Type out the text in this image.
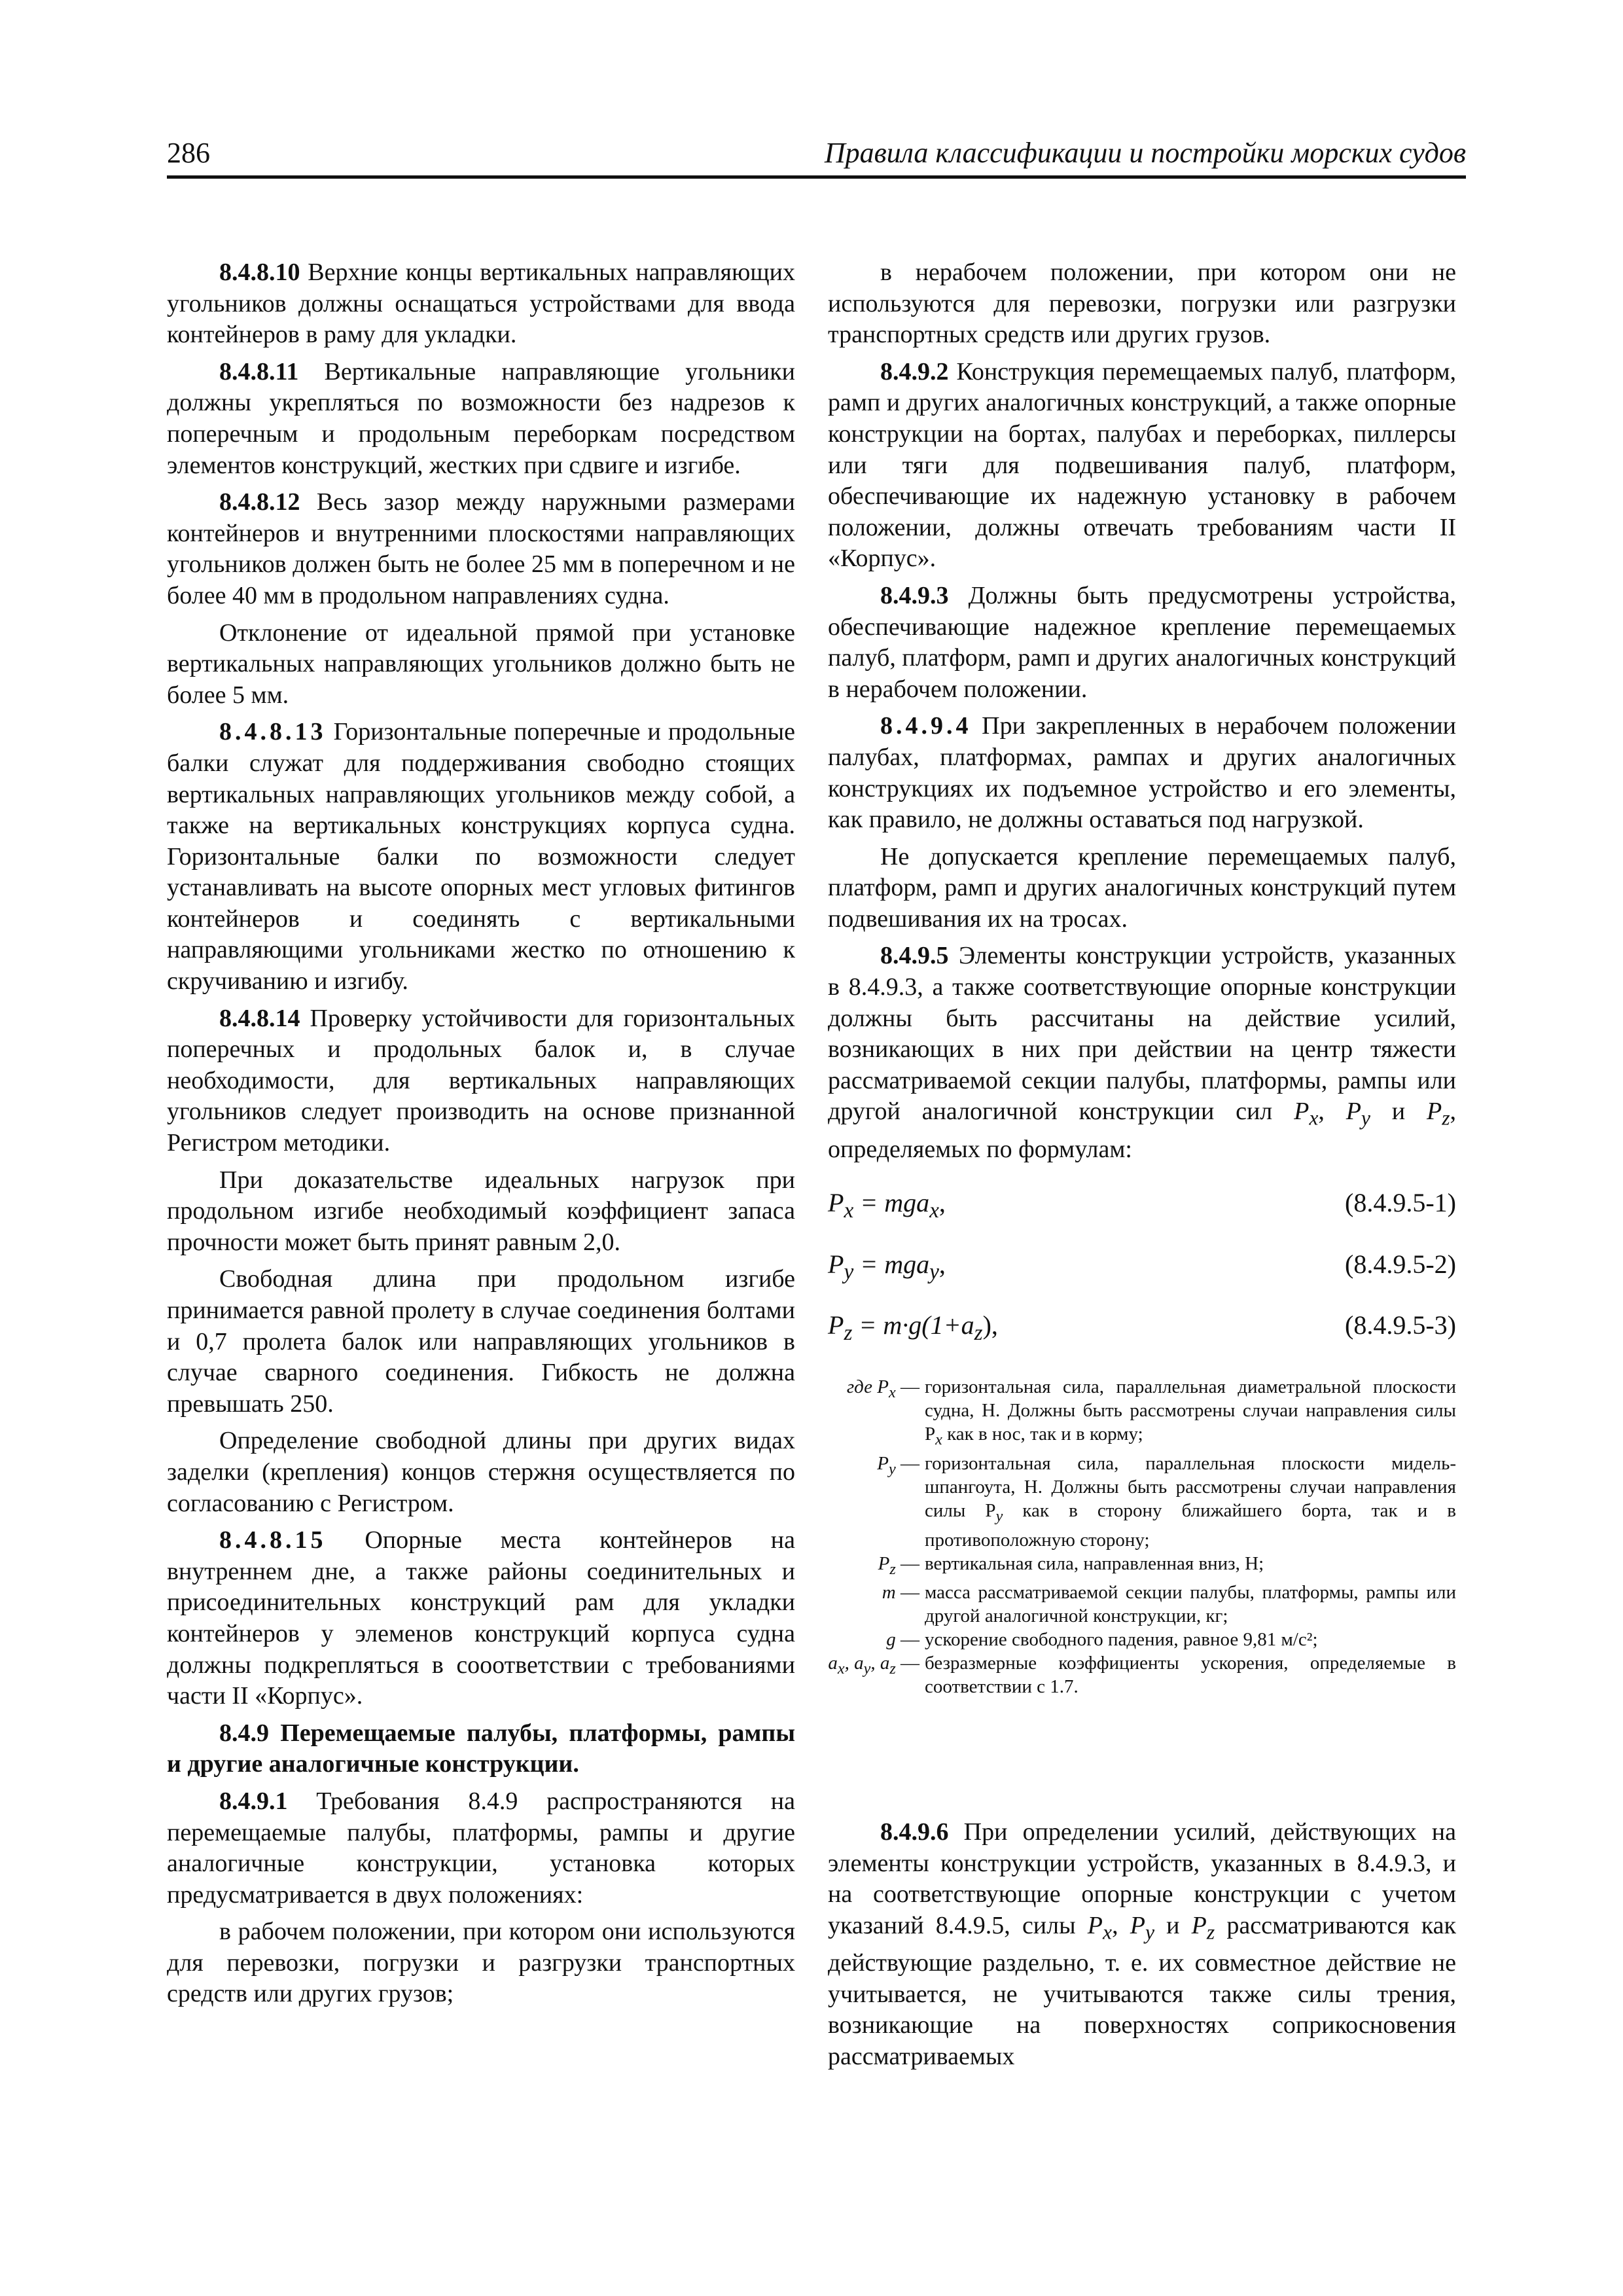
286	Правила классификации и постройки морских судов

8.4.8.10 Верхние концы вертикальных направляющих угольников должны оснащаться устройствами для ввода контейнеров в раму для укладки.

8.4.8.11 Вертикальные направляющие угольники должны укрепляться по возможности без надрезов к поперечным и продольным переборкам посредством элементов конструкций, жестких при сдвиге и изгибе.

8.4.8.12 Весь зазор между наружными размерами контейнеров и внутренними плоскостями направляющих угольников должен быть не более 25 мм в поперечном и не более 40 мм в продольном направлениях судна.

Отклонение от идеальной прямой при установке вертикальных направляющих угольников должно быть не более 5 мм.

8.4.8.13 Горизонтальные поперечные и продольные балки служат для поддерживания свободно стоящих вертикальных направляющих угольников между собой, а также на вертикальных конструкциях корпуса судна. Горизонтальные балки по возможности следует устанавливать на высоте опорных мест угловых фитингов контейнеров и соединять с вертикальными направляющими угольниками жестко по отношению к скручиванию и изгибу.

8.4.8.14 Проверку устойчивости для горизонтальных поперечных и продольных балок и, в случае необходимости, для вертикальных направляющих угольников следует производить на основе признанной Регистром методики.

При доказательстве идеальных нагрузок при продольном изгибе необходимый коэффициент запаса прочности может быть принят равным 2,0.

Свободная длина при продольном изгибе принимается равной пролету в случае соединения болтами и 0,7 пролета балок или направляющих угольников в случае сварного соединения. Гибкость не должна превышать 250.

Определение свободной длины при других видах заделки (крепления) концов стержня осуществляется по согласованию с Регистром.

8.4.8.15 Опорные места контейнеров на внутреннем дне, а также районы соединительных и присоединительных конструкций рам для укладки контейнеров у элеменов конструкций корпуса судна должны подкрепляться в сооответствии с требованиями части II «Корпус».

8.4.9 Перемещаемые палубы, платформы, рампы и другие аналогичные конструкции.

8.4.9.1 Требования 8.4.9 распространяются на перемещаемые палубы, платформы, рампы и другие аналогичные конструкции, установка которых предусматривается в двух положениях:

в рабочем положении, при котором они используются для перевозки, погрузки и разгрузки транспортных средств или других грузов;

в нерабочем положении, при котором они не используются для перевозки, погрузки или разгрузки транспортных средств или других грузов.

8.4.9.2 Конструкция перемещаемых палуб, платформ, рамп и других аналогичных конструкций, а также опорные конструкции на бортах, палубах и переборках, пиллерсы или тяги для подвешивания палуб, платформ, обеспечивающие их надежную установку в рабочем положении, должны отвечать требованиям части II «Корпус».

8.4.9.3 Должны быть предусмотрены устройства, обеспечивающие надежное крепление перемещаемых палуб, платформ, рамп и других аналогичных конструкций в нерабочем положении.

8.4.9.4 При закрепленных в нерабочем положении палубах, платформах, рампах и других аналогичных конструкциях их подъемное устройство и его элементы, как правило, не должны оставаться под нагрузкой.

Не допускается крепление перемещаемых палуб, платформ, рамп и других аналогичных конструкций путем подвешивания их на тросах.

8.4.9.5 Элементы конструкции устройств, указанных в 8.4.9.3, а также соответствующие опорные конструкции должны быть рассчитаны на действие усилий, возникающих в них при действии на центр тяжести рассматриваемой секции палубы, платформы, рампы или другой аналогичной конструкции сил $P_x$, $P_y$ и $P_z$, определяемых по формулам:

$P_x = mga_x$,	(8.4.9.5-1)
$P_y = mga_y$,	(8.4.9.5-2)
$P_z = m\cdot g(1+a_z)$,	(8.4.9.5-3)
где $P_x$ — горизонтальная сила, параллельная диаметральной плоскости судна, Н. Должны быть рассмотрены случаи направления силы $P_x$ как в нос, так и в корму;
$P_y$ — горизонтальная сила, параллельная плоскости мидель-шпангоута, Н. Должны быть рассмотрены случаи направления силы $P_y$ как в сторону ближайшего борта, так и в противоположную сторону;
$P_z$ — вертикальная сила, направленная вниз, Н;
m — масса рассматриваемой секции палубы, платформы, рампы или другой аналогичной конструкции, кг;
g — ускорение свободного падения, равное 9,81 м/с²;
$a_x$, $a_y$, $a_z$ — безразмерные коэффициенты ускорения, определяемые в соответствии с 1.7.

8.4.9.6 При определении усилий, действующих на элементы конструкции устройств, указанных в 8.4.9.3, и на соответствующие опорные конструкции с учетом указаний 8.4.9.5, силы $P_x$, $P_y$ и $P_z$ рассматриваются как действующие раздельно, т. е. их совместное действие не учитывается, не учитываются также силы трения, возникающие на поверхностях соприкосновения рассматриваемых
